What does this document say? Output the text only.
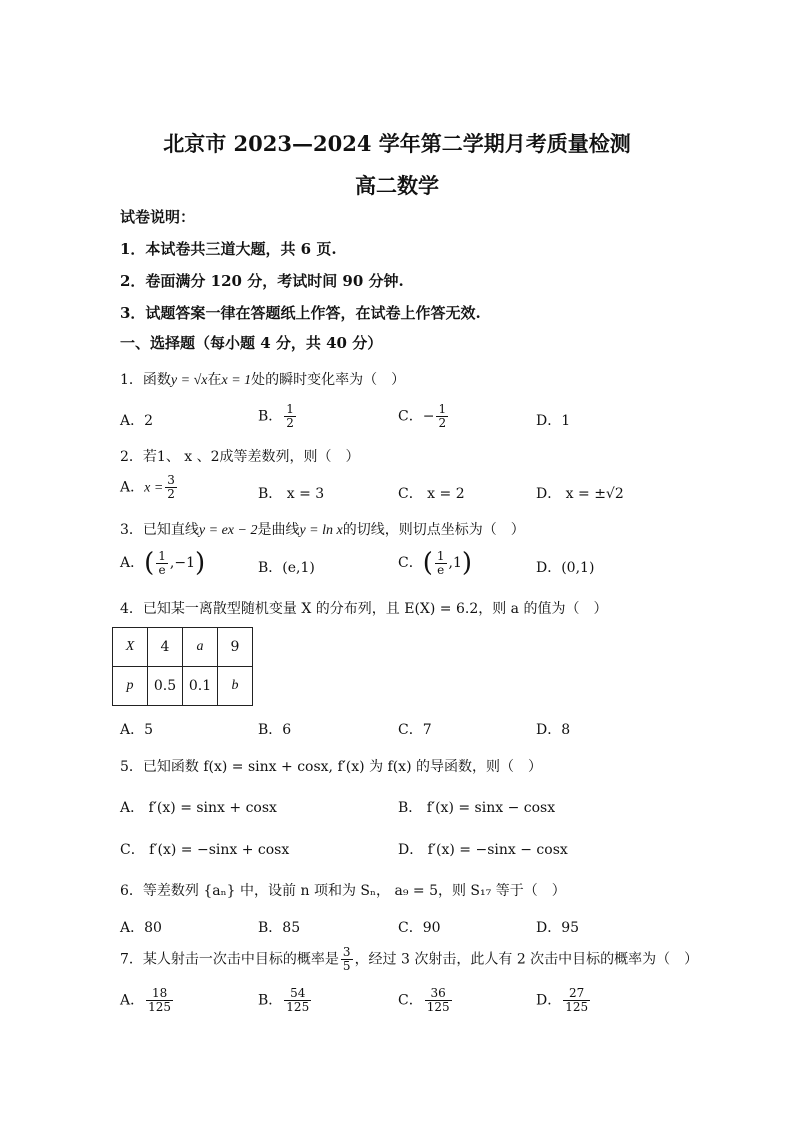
北京市 2023—2024 学年第二学期月考质量检测
高二数学
试卷说明：
1．本试卷共三道大题，共 6 页.
2．卷面满分 120 分，考试时间 90 分钟.
3．试题答案一律在答题纸上作答，在试卷上作答无效.
一、选择题（每小题 4 分，共 40 分）
1．函数y = √x在x = 1处的瞬时变化率为（　）
A．2	B． $\frac{1}{2}$	C．− $\frac{1}{2}$	D．1
2．若1、 x 、2成等差数列，则（　）
A．$x = \frac{3}{2}$	B． x = 3	C． x = 2	D． x = ±√2
3．已知直线y = ex − 2是曲线y = ln x的切线，则切点坐标为（　）
A．( $\frac{1}{e} ,-1$)	B．(e,1)	C．( $\frac{1}{e} ,1$)	D．(0,1)
4．已知某一离散型随机变量 X 的分布列，且 E(X) = 6.2，则 a 的值为（　）
X	4	a	9
p	0.5	0.1	b
A．5	B．6	C．7	D．8
5．已知函数 f(x) = sinx + cosx, f′(x) 为 f(x) 的导函数，则（　）
A． f′(x) = sinx + cosx	B． f′(x) = sinx − cosx
C． f′(x) = −sinx + cosx	D． f′(x) = −sinx − cosx
6．等差数列 {aₙ} 中，设前 n 项和为 Sₙ， a₉ = 5，则 S₁₇ 等于（　）
A．80	B．85	C．90	D．95
7．某人射击一次击中目标的概率是 $\frac{3}{5}$ ，经过 3 次射击，此人有 2 次击中目标的概率为（　）
A． $\frac{18}{125}$	B． $\frac{54}{125}$	C． $\frac{36}{125}$	D． $\frac{27}{125}$
